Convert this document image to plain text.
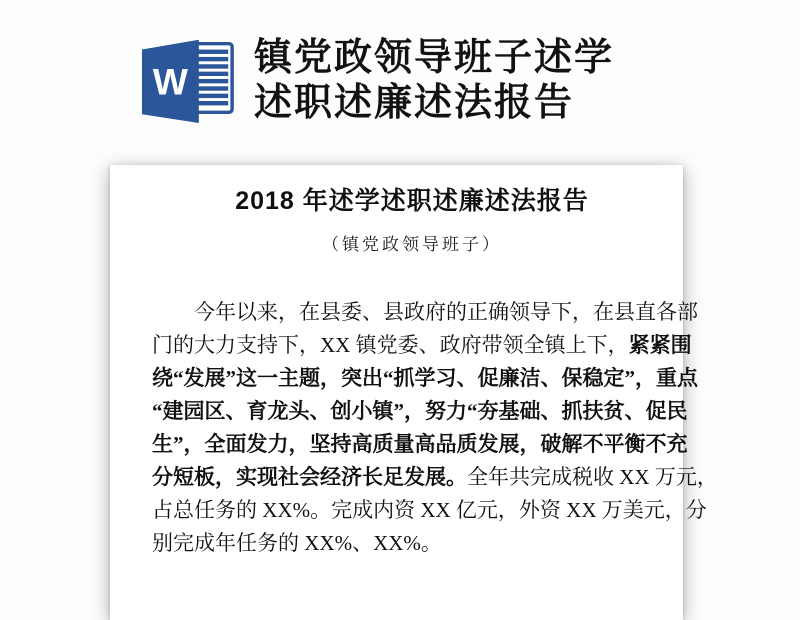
W
镇党政领导班子述学
述职述廉述法报告
2018 年述学述职述廉述法报告
（镇党政领导班子）
今年以来，在县委、县政府的正确领导下，在县直各部
门的大力支持下，XX 镇党委、政府带领全镇上下，紧紧围
绕“发展”这一主题，突出“抓学习、促廉洁、保稳定”，重点
“建园区、育龙头、创小镇”，努力“夯基础、抓扶贫、促民
生”，全面发力，坚持高质量高品质发展，破解不平衡不充
分短板，实现社会经济长足发展。全年共完成税收 XX 万元，
占总任务的 XX%。完成内资 XX 亿元，外资 XX 万美元，分
别完成年任务的 XX%、XX%。
